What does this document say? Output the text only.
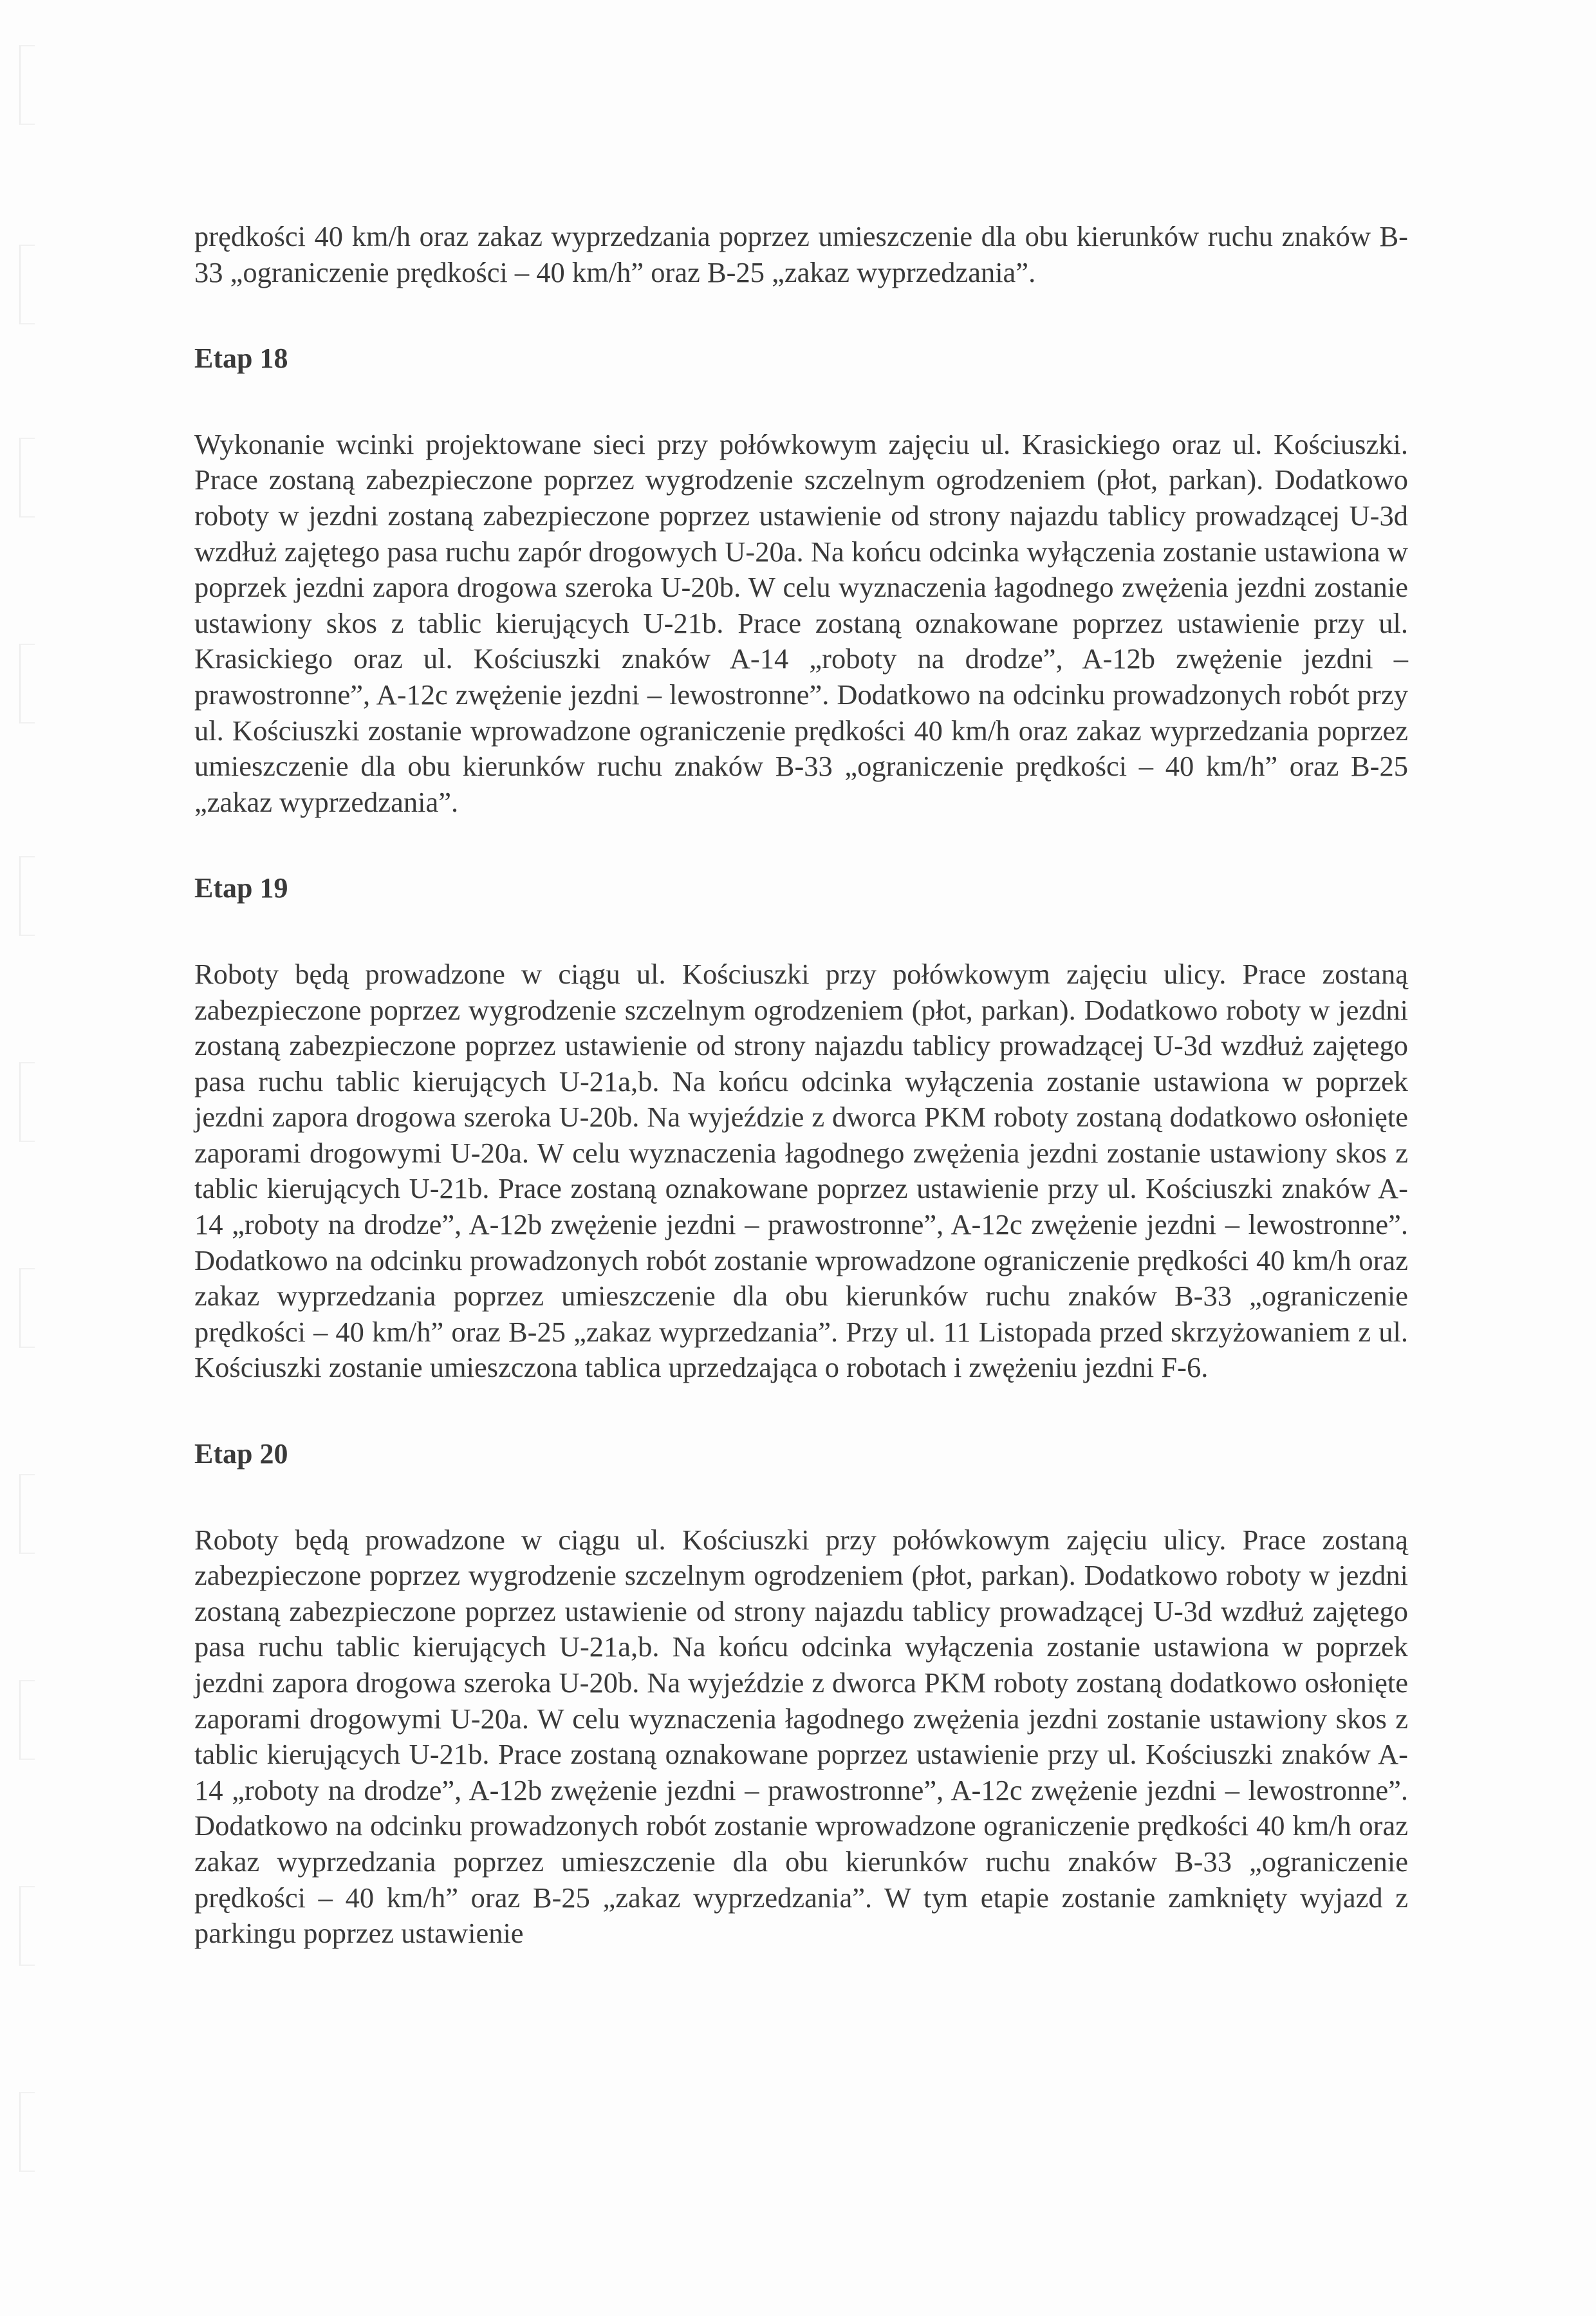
prędkości 40 km/h oraz zakaz wyprzedzania poprzez umieszczenie dla obu kierunków ruchu znaków B-33 „ograniczenie prędkości – 40 km/h” oraz B-25 „zakaz wyprzedzania”.

Etap 18

Wykonanie wcinki projektowane sieci przy połówkowym zajęciu ul. Krasickiego oraz ul. Kościuszki. Prace zostaną zabezpieczone poprzez wygrodzenie szczelnym ogrodzeniem (płot, parkan). Dodatkowo roboty w jezdni zostaną zabezpieczone poprzez ustawienie od strony najazdu tablicy prowadzącej U-3d wzdłuż zajętego pasa ruchu zapór drogowych U-20a. Na końcu odcinka wyłączenia zostanie ustawiona w poprzek jezdni zapora drogowa szeroka U-20b. W celu wyznaczenia łagodnego zwężenia jezdni zostanie ustawiony skos z tablic kierujących U-21b. Prace zostaną oznakowane poprzez ustawienie przy ul. Krasickiego oraz ul. Kościuszki znaków A-14 „roboty na drodze”, A-12b zwężenie jezdni – prawostronne”, A-12c zwężenie jezdni – lewostronne”. Dodatkowo na odcinku prowadzonych robót przy ul. Kościuszki zostanie wprowadzone ograniczenie prędkości 40 km/h oraz zakaz wyprzedzania poprzez umieszczenie dla obu kierunków ruchu znaków B-33 „ograniczenie prędkości – 40 km/h” oraz B-25 „zakaz wyprzedzania”.

Etap 19

Roboty będą prowadzone w ciągu ul. Kościuszki przy połówkowym zajęciu ulicy. Prace zostaną zabezpieczone poprzez wygrodzenie szczelnym ogrodzeniem (płot, parkan). Dodatkowo roboty w jezdni zostaną zabezpieczone poprzez ustawienie od strony najazdu tablicy prowadzącej U-3d wzdłuż zajętego pasa ruchu tablic kierujących U-21a,b. Na końcu odcinka wyłączenia zostanie ustawiona w poprzek jezdni zapora drogowa szeroka U-20b. Na wyjeździe z dworca PKM roboty zostaną dodatkowo osłonięte zaporami drogowymi U-20a. W celu wyznaczenia łagodnego zwężenia jezdni zostanie ustawiony skos z tablic kierujących U-21b. Prace zostaną oznakowane poprzez ustawienie przy ul. Kościuszki znaków A-14 „roboty na drodze”, A-12b zwężenie jezdni – prawostronne”, A-12c zwężenie jezdni – lewostronne”. Dodatkowo na odcinku prowadzonych robót zostanie wprowadzone ograniczenie prędkości 40 km/h oraz zakaz wyprzedzania poprzez umieszczenie dla obu kierunków ruchu znaków B-33 „ograniczenie prędkości – 40 km/h” oraz B-25 „zakaz wyprzedzania”. Przy ul. 11 Listopada przed skrzyżowaniem z ul. Kościuszki zostanie umieszczona tablica uprzedzająca o robotach i zwężeniu jezdni F-6.

Etap 20

Roboty będą prowadzone w ciągu ul. Kościuszki przy połówkowym zajęciu ulicy. Prace zostaną zabezpieczone poprzez wygrodzenie szczelnym ogrodzeniem (płot, parkan). Dodatkowo roboty w jezdni zostaną zabezpieczone poprzez ustawienie od strony najazdu tablicy prowadzącej U-3d wzdłuż zajętego pasa ruchu tablic kierujących U-21a,b. Na końcu odcinka wyłączenia zostanie ustawiona w poprzek jezdni zapora drogowa szeroka U-20b. Na wyjeździe z dworca PKM roboty zostaną dodatkowo osłonięte zaporami drogowymi U-20a. W celu wyznaczenia łagodnego zwężenia jezdni zostanie ustawiony skos z tablic kierujących U-21b. Prace zostaną oznakowane poprzez ustawienie przy ul. Kościuszki znaków A-14 „roboty na drodze”, A-12b zwężenie jezdni – prawostronne”, A-12c zwężenie jezdni – lewostronne”. Dodatkowo na odcinku prowadzonych robót zostanie wprowadzone ograniczenie prędkości 40 km/h oraz zakaz wyprzedzania poprzez umieszczenie dla obu kierunków ruchu znaków B-33 „ograniczenie prędkości – 40 km/h” oraz B-25 „zakaz wyprzedzania”. W tym etapie zostanie zamknięty wyjazd z parkingu poprzez ustawienie
